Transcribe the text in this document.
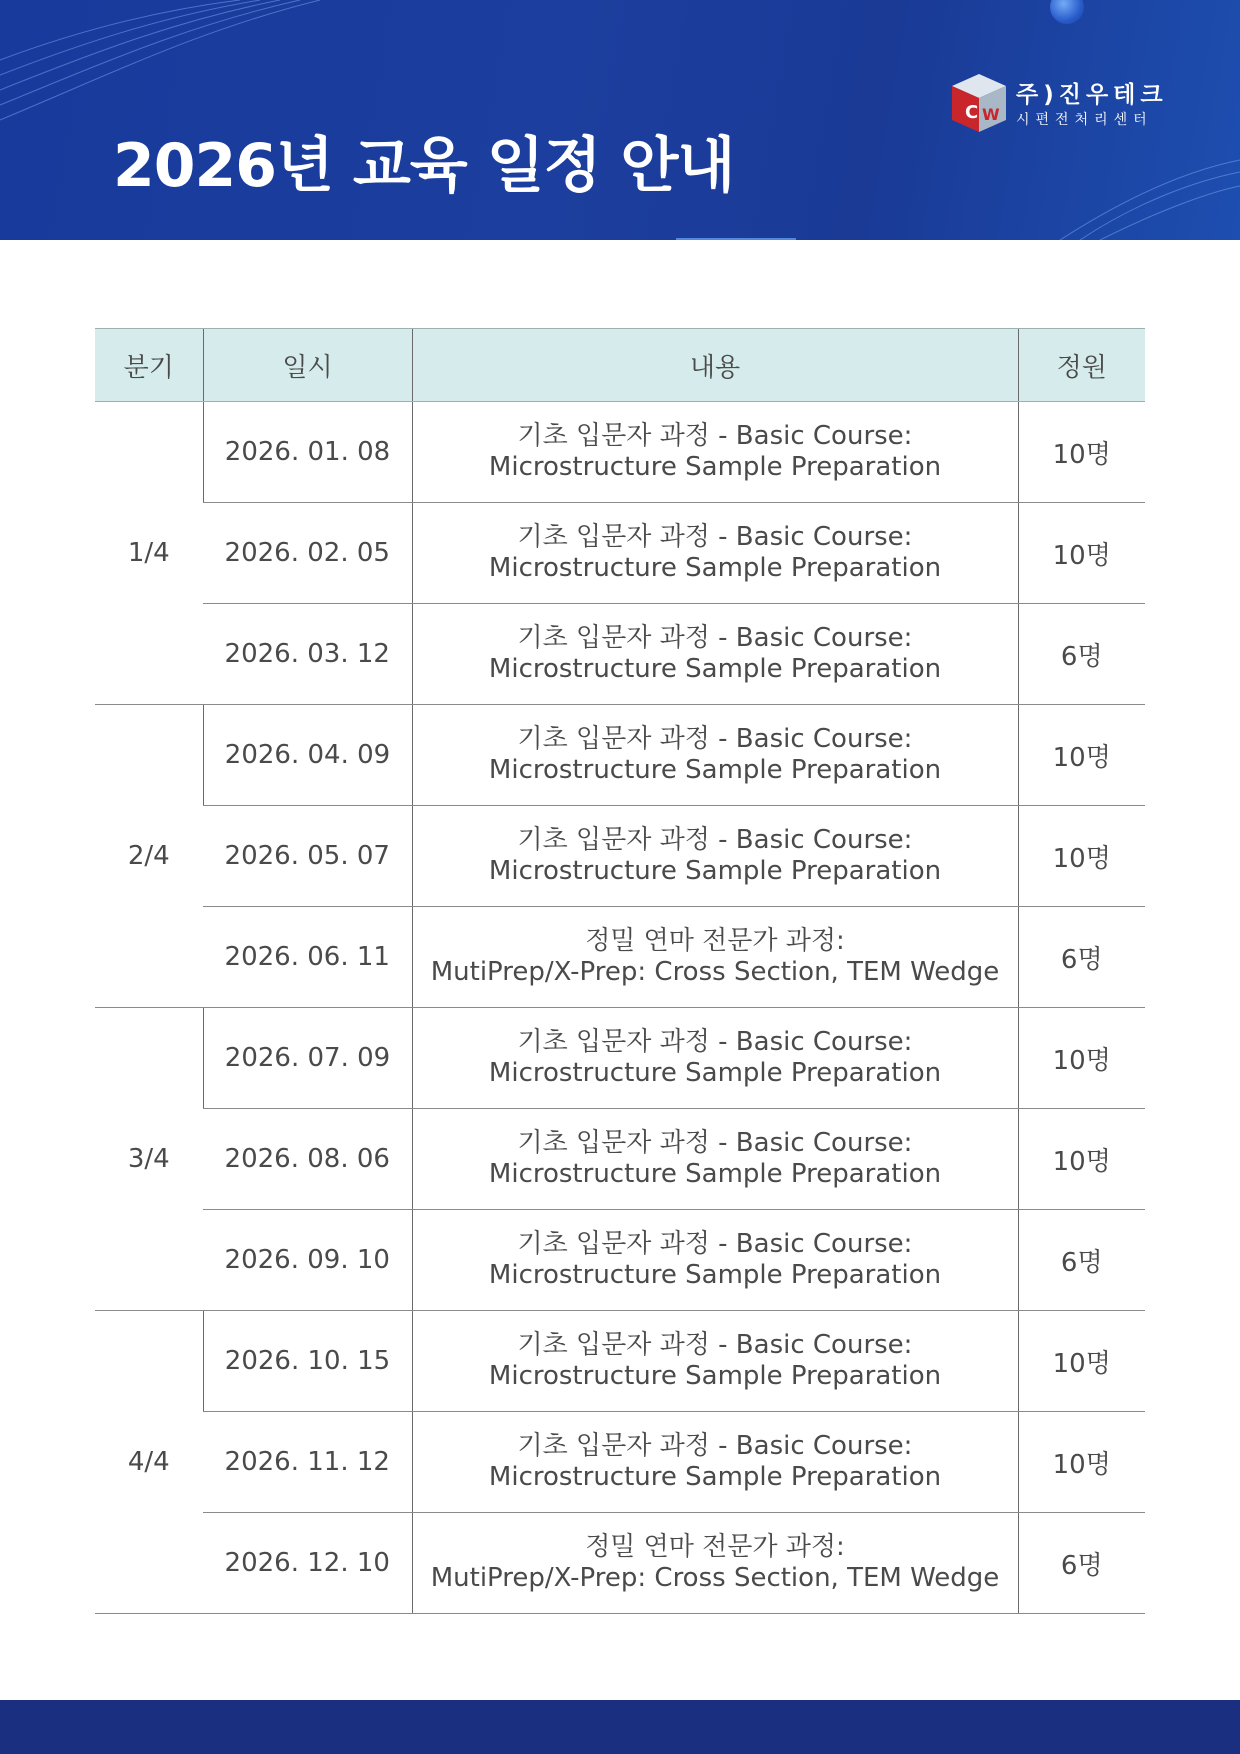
2026년 교육 일정 안내
C W
주)진우테크
시편전처리센터
분기	일시	내용	정원
1/4	2026. 01. 08	기초 입문자 과정 - Basic Course:
Microstructure Sample Preparation	10명
	2026. 02. 05	기초 입문자 과정 - Basic Course:
Microstructure Sample Preparation	10명
	2026. 03. 12	기초 입문자 과정 - Basic Course:
Microstructure Sample Preparation	6명
2/4	2026. 04. 09	기초 입문자 과정 - Basic Course:
Microstructure Sample Preparation	10명
	2026. 05. 07	기초 입문자 과정 - Basic Course:
Microstructure Sample Preparation	10명
	2026. 06. 11	정밀 연마 전문가 과정:
MutiPrep/X-Prep: Cross Section, TEM Wedge	6명
3/4	2026. 07. 09	기초 입문자 과정 - Basic Course:
Microstructure Sample Preparation	10명
	2026. 08. 06	기초 입문자 과정 - Basic Course:
Microstructure Sample Preparation	10명
	2026. 09. 10	기초 입문자 과정 - Basic Course:
Microstructure Sample Preparation	6명
4/4	2026. 10. 15	기초 입문자 과정 - Basic Course:
Microstructure Sample Preparation	10명
	2026. 11. 12	기초 입문자 과정 - Basic Course:
Microstructure Sample Preparation	10명
	2026. 12. 10	정밀 연마 전문가 과정:
MutiPrep/X-Prep: Cross Section, TEM Wedge	6명
